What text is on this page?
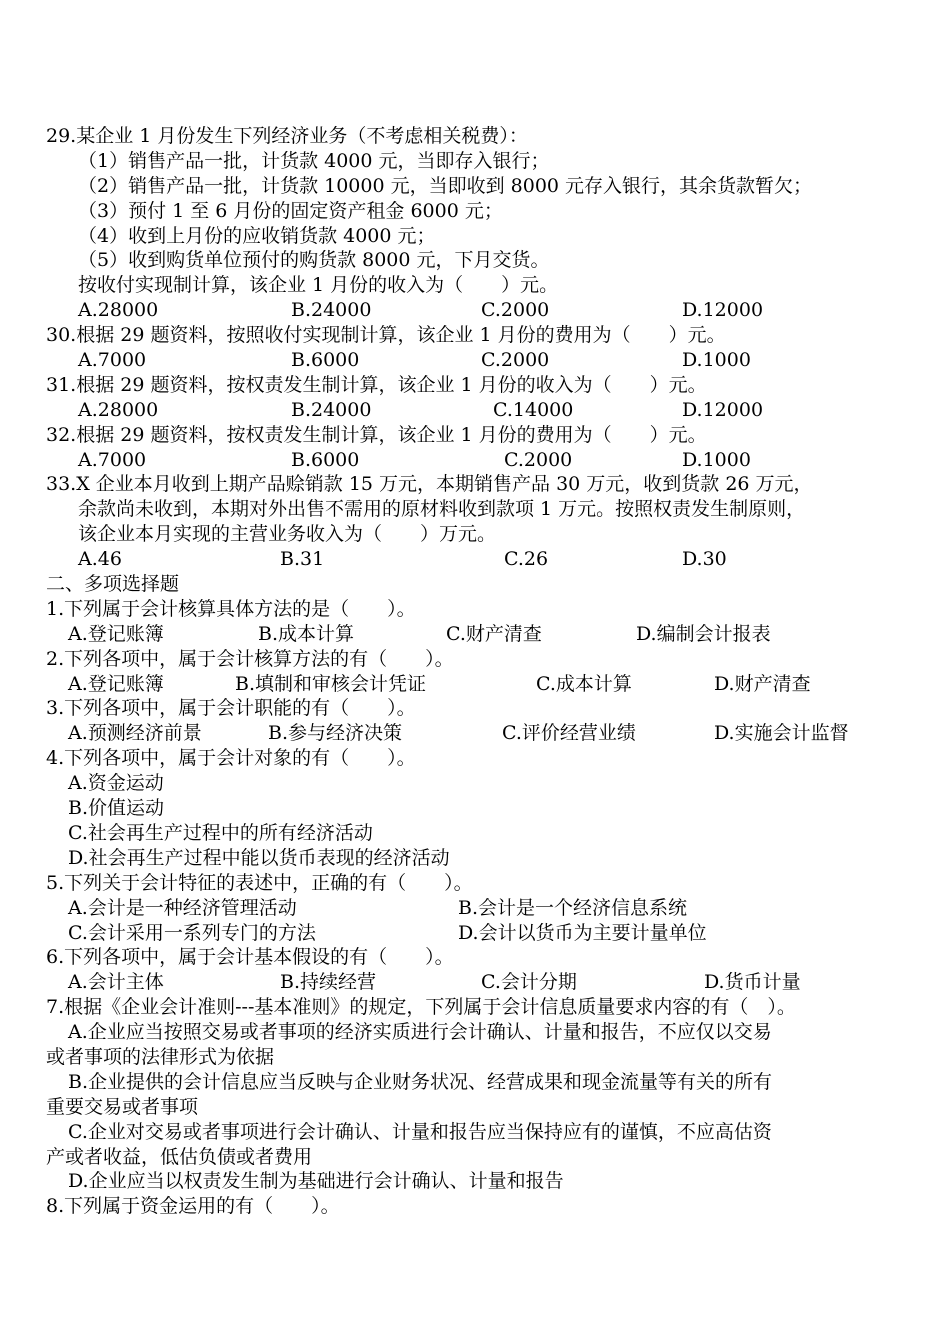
29.某企业 1 月份发生下列经济业务（不考虑相关税费）：
（1）销售产品一批，计货款 4000 元，当即存入银行；
（2）销售产品一批，计货款 10000 元，当即收到 8000 元存入银行，其余货款暂欠；
（3）预付 1 至 6 月份的固定资产租金 6000 元；
（4）收到上月份的应收销货款 4000 元；
（5）收到购货单位预付的购货款 8000 元，下月交货。
按收付实现制计算，该企业 1 月份的收入为（　　）元。
A.28000	B.24000	C.2000	D.12000
30.根据 29 题资料，按照收付实现制计算，该企业 1 月份的费用为（　　）元。
A.7000	B.6000	C.2000	D.1000
31.根据 29 题资料，按权责发生制计算，该企业 1 月份的收入为（　　）元。
A.28000	B.24000	C.14000	D.12000
32.根据 29 题资料，按权责发生制计算，该企业 1 月份的费用为（　　）元。
A.7000	B.6000	C.2000	D.1000
33.X 企业本月收到上期产品赊销款 15 万元，本期销售产品 30 万元，收到货款 26 万元，
余款尚未收到，本期对外出售不需用的原材料收到款项 1 万元。按照权责发生制原则，
该企业本月实现的主营业务收入为（　　）万元。
A.46	B.31	C.26	D.30
二、多项选择题
1.下列属于会计核算具体方法的是（　　）。
A.登记账簿	B.成本计算	C.财产清查	D.编制会计报表
2.下列各项中，属于会计核算方法的有（　　）。
A.登记账簿	B.填制和审核会计凭证	C.成本计算	D.财产清查
3.下列各项中，属于会计职能的有（　　）。
A.预测经济前景	B.参与经济决策	C.评价经营业绩	D.实施会计监督
4.下列各项中，属于会计对象的有（　　）。
A.资金运动
B.价值运动
C.社会再生产过程中的所有经济活动
D.社会再生产过程中能以货币表现的经济活动
5.下列关于会计特征的表述中，正确的有（　　）。
A.会计是一种经济管理活动	B.会计是一个经济信息系统
C.会计采用一系列专门的方法	D.会计以货币为主要计量单位
6.下列各项中，属于会计基本假设的有（　　）。
A.会计主体	B.持续经营	C.会计分期	D.货币计量
7.根据《企业会计准则---基本准则》的规定，下列属于会计信息质量要求内容的有（　）。
A.企业应当按照交易或者事项的经济实质进行会计确认、计量和报告，不应仅以交易
或者事项的法律形式为依据
B.企业提供的会计信息应当反映与企业财务状况、经营成果和现金流量等有关的所有
重要交易或者事项
C.企业对交易或者事项进行会计确认、计量和报告应当保持应有的谨慎，不应高估资
产或者收益，低估负债或者费用
D.企业应当以权责发生制为基础进行会计确认、计量和报告
8.下列属于资金运用的有（　　）。
